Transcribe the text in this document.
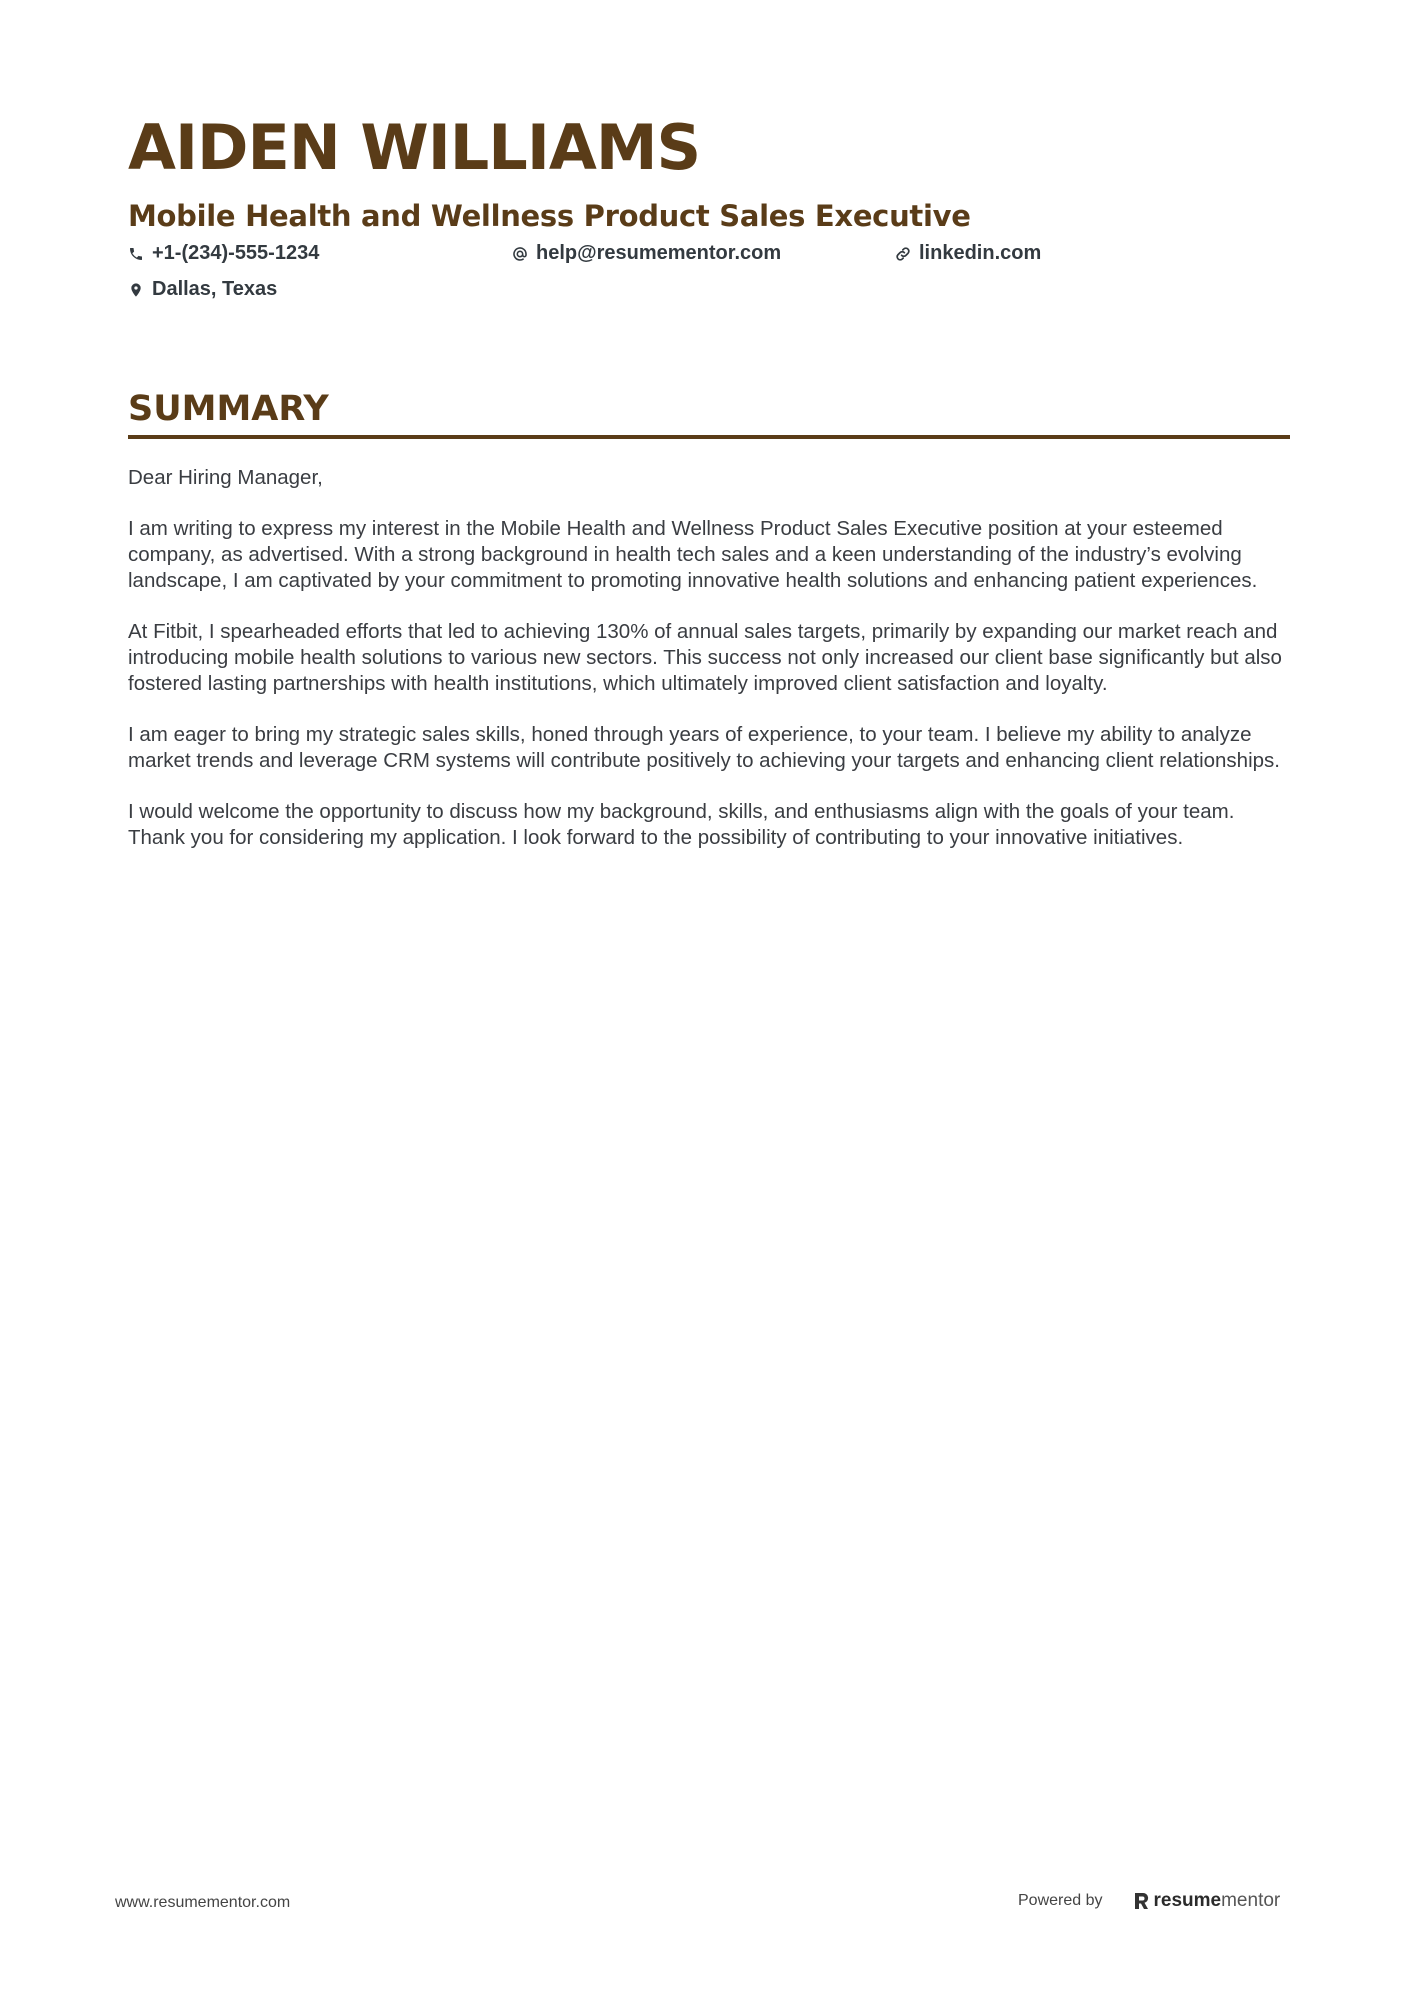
AIDEN WILLIAMS
Mobile Health and Wellness Product Sales Executive
+1-(234)-555-1234	help@resumementor.com	linkedin.com
Dallas, Texas
SUMMARY

Dear Hiring Manager,

I am writing to express my interest in the Mobile Health and Wellness Product Sales Executive position at your esteemed company, as advertised. With a strong background in health tech sales and a keen understanding of the industry’s evolving landscape, I am captivated by your commitment to promoting innovative health solutions and enhancing patient experiences.

At Fitbit, I spearheaded efforts that led to achieving 130% of annual sales targets, primarily by expanding our market reach and introducing mobile health solutions to various new sectors. This success not only increased our client base significantly but also fostered lasting partnerships with health institutions, which ultimately improved client satisfaction and loyalty.

I am eager to bring my strategic sales skills, honed through years of experience, to your team. I believe my ability to analyze market trends and leverage CRM systems will contribute positively to achieving your targets and enhancing client relationships.

I would welcome the opportunity to discuss how my background, skills, and enthusiasms align with the goals of your team. Thank you for considering my application. I look forward to the possibility of contributing to your innovative initiatives.

www.resumementor.com	Powered by	resume mentor
